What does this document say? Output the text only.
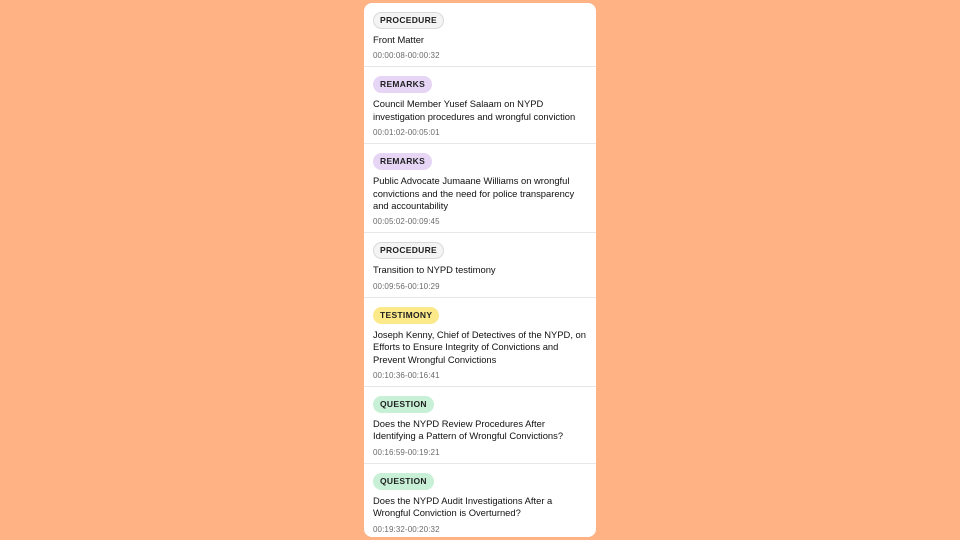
PROCEDURE
Front Matter
00:00:08-00:00:32
REMARKS
Council Member Yusef Salaam on NYPD investigation procedures and wrongful conviction
00:01:02-00:05:01
REMARKS
Public Advocate Jumaane Williams on wrongful convictions and the need for police transparency and accountability
00:05:02-00:09:45
PROCEDURE
Transition to NYPD testimony
00:09:56-00:10:29
TESTIMONY
Joseph Kenny, Chief of Detectives of the NYPD, on Efforts to Ensure Integrity of Convictions and Prevent Wrongful Convictions
00:10:36-00:16:41
QUESTION
Does the NYPD Review Procedures After Identifying a Pattern of Wrongful Convictions?
00:16:59-00:19:21
QUESTION
Does the NYPD Audit Investigations After a Wrongful Conviction is Overturned?
00:19:32-00:20:32
